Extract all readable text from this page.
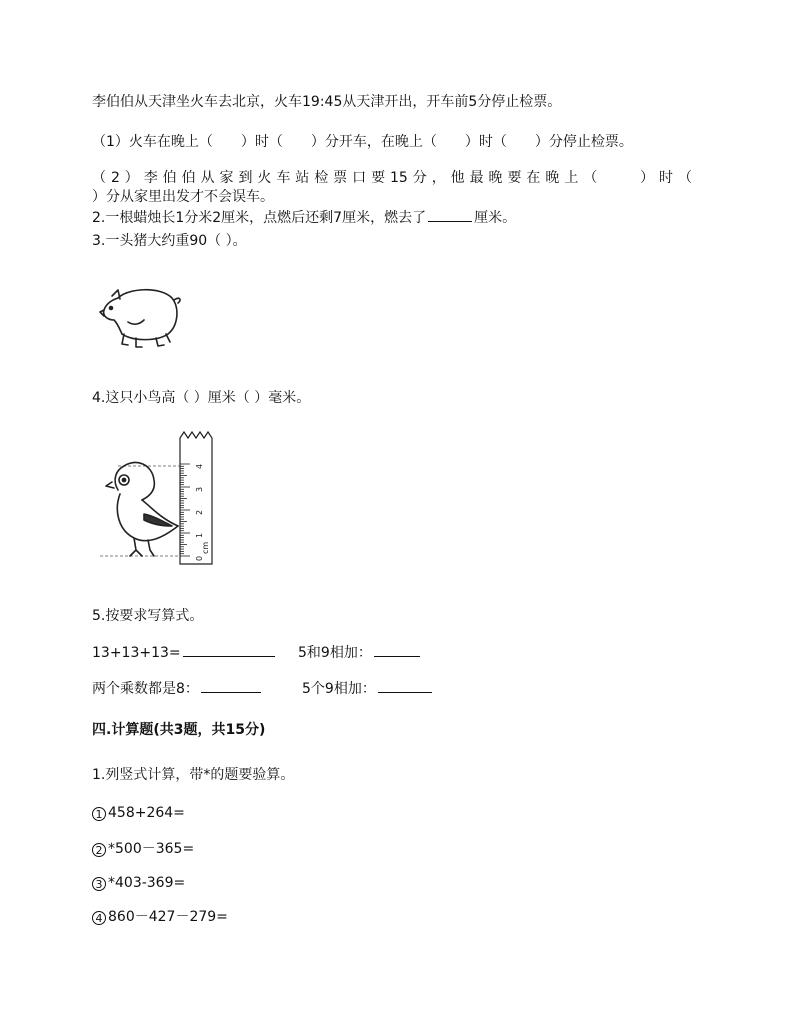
李伯伯从天津坐火车去北京，火车19:45从天津开出，开车前5分停止检票。
（1）火车在晚上（　　）时（　　）分开车，在晚上（　　）时（　　）分停止检票。
（2）李伯伯从家到火车站检票口要15分，他最晚要在晚上（　　）时（
）分从家里出发才不会误车。
2.一根蜡烛长1分米2厘米，点燃后还剩7厘米，燃去了	厘米。
3.一头猪大约重90（ ）。
4.这只小鸟高（ ）厘米（ ）毫米。
0
1
2
3
4
cm
5.按要求写算式。
13+13+13=	5和9相加：
两个乘数都是8：	5个9相加：
四.计算题(共3题，共15分)
1.列竖式计算，带*的题要验算。
1 458+264=
2 *500－365=
3 *403-369=
4 860－427－279=
